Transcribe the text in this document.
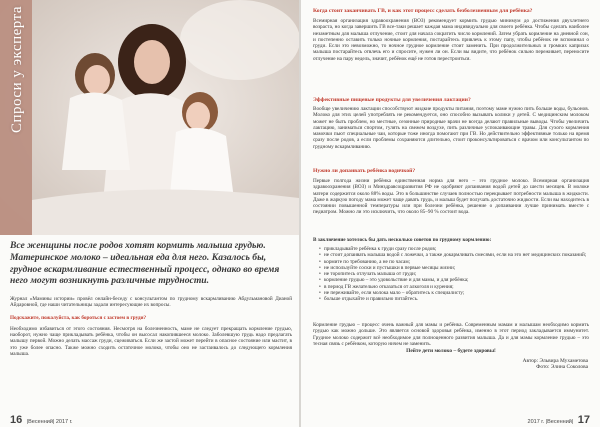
Спроси у эксперта
Все женщины после родов хотят кормить малыша грудью. Материнское молоко – идеальная еда для него. Казалось бы, грудное вскармливание естественный процесс, однако во время него могут возникнуть различные трудности.
Журнал «Мамины истории» провёл онлайн-беседу с консультантом по грудному вскармливанию Абдульмановой Дианой Айдаровной, где наши читательницы задали интересующие их вопросы.
Подскажите, пожалуйста, как бороться с застоем в груди?
Необходимо избавиться от этого состояния. Несмотря на болезненность, маме не следует прекращать кормление грудью, наоборот, нужно чаще прикладывать ребёнка, чтобы он высосал накопившееся молоко. Заболевшую грудь надо предлагать малышу первой. Можно делать массаж груди, сцеживаться. Если же застой может перейти в опасное состояние или мастит, в это уже более опасно. Также можно сходить остаточное молоко, чтобы оно не застаивалось до следующего кормления малыша.
16 |Весенний| 2017 г.
Когда стоит заканчивать ГВ, и как этот процесс сделать безболезненным для ребёнка?
Всемирная организация здравоохранения (ВОЗ) рекомендует кормить грудью минимум до достижения двухлетнего возраста, но когда завершить ГВ все-таки решает каждая мама индивидуально для своего ребёнка. Чтобы сделать наиболее незаметным для малыша отлучение, стоит для начала сократить число кормлений. Затем убрать кормление на дневной сон, и постепенно оставить только ночные кормления, постарайтесь привлечь к этому папу, чтобы ребёнок не вспоминал о груди. Если это невозможно, то ночное грудное кормление стоит заменить. При продолжительных и громких капризах малыша постарайтесь отвлечь его и спросите, нужен ли он. Если вы видите, что ребёнок сильно переживает, переносите отлучение на пару недель, значит, ребёнок ещё не готов перестроиться.
Эффективные пищевые продукты для увеличения лактации?
Вообще увеличению лактации способствуют жидкие продукты питания, поэтому маме нужно пить больше воды, бульонов. Молоко для этих целей употреблять не рекомендуется, оно способно вызывать колики у детей. С медицинским молоком может не быть проблем, но местные, сезонные природные врачи не всегда делают правильные выводы. Чтобы увеличить лактацию, заниматься спортом, гулять на свежем воздухе, пить различные успокаивающие травы. Для сухого кормления мамочки пьют специальные чаи, которые тоже иногда помогают при ГВ. Но действительно эффективные только на время сразу после родов, а если проблемы сохраняются длительно, стоит проконсультироваться с врачом или консультантом по грудному вскармливанию.
Нужно ли допаивать ребёнка водичкой?
Первые полгода жизни ребёнка единственная норма для него – это грудное молоко. Всемирная организация здравоохранения (ВОЗ) и Минздравсоцразвития РФ не одобряют допаивания водой детей до шести месяцев. В молоке матери содержится около 88% воды. Это в большинстве случаев полностью перекрывает потребности малыша в жидкости. Даже в жаркую погоду мама может чаще давать грудь, и малыш будет получать достаточно жидкости. Если вы находитесь в состоянии повышенной температуры или при болезни ребёнка, решение о допаивании лучше принимать вместе с педиатром. Можно ли это исключить, что около 85–90 % состоит вода.
В заключение хотелось бы дать несколько советов по грудному кормлению:
• прикладывайте ребёнка к груди сразу после родов;
• не стоит допаивать малыша водой с ложечки, а также докармливать смесями, если на это нет медицинских показаний;
• кормите по требованию, а не по часам;
• не используйте соски и пустышки в первые месяцы жизни;
• не торопитесь отлучать малыша от груди;
• кормление грудью – это удовольствие и для мамы, и для ребёнка;
• в период ГВ желательно отказаться от алкоголя и курения;
• не переживайте, если молока мало – обратитесь к специалисту;
• больше отдыхайте и правильно питайтесь.
Кормление грудью – процесс очень важный для мамы и ребёнка. Современным мамам и малышам необходимо кормить грудью как можно дольше. Это является основой здоровья ребёнка, именно в этот период закладывается иммунитет. Грудное молоко содержит всё необходимое для полноценного развития малыша. Да и для мамы кормление грудью – это тесная связь с ребёнком, которую ничем не заменить.
Пейте дети молоко – будете здоровы!
Автор: Эльвира Мухаметова
Фото: Элина Соколова
2017 г. |Весенний| 17
